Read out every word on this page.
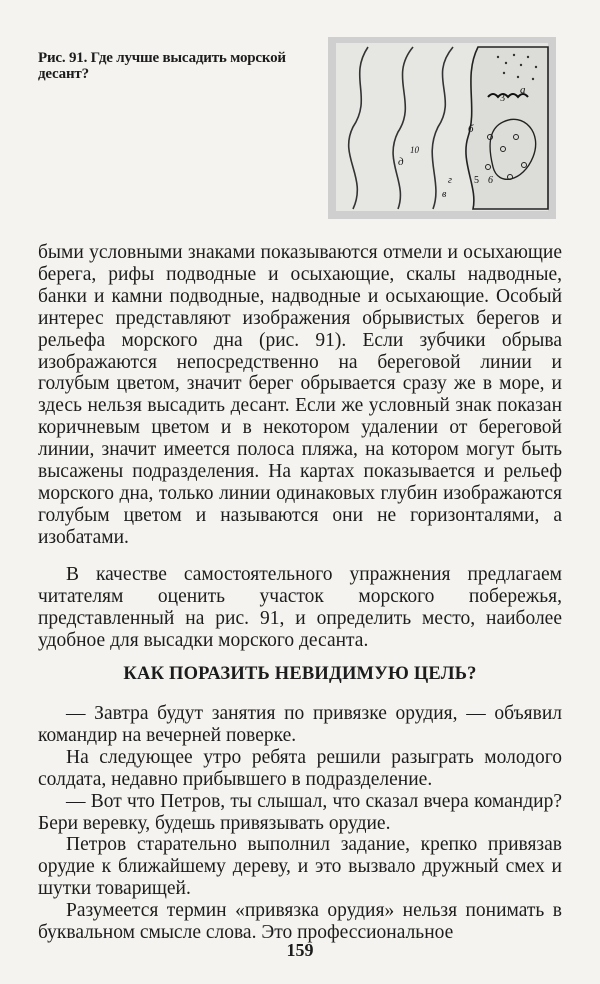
Рис. 91. Где лучше высадить морской десант?
а
3
б
д
10
г
в
5 6

быми условными знаками показываются отмели и осыхающие берега, рифы подводные и осыхающие, скалы надводные, банки и камни подводные, надводные и осыхающие. Особый интерес представляют изображения обрывистых берегов и рельефа морского дна (рис. 91). Если зубчики обрыва изображаются непосредственно на береговой линии и голубым цветом, значит берег обрывается сразу же в море, и здесь нельзя высадить десант. Если же условный знак показан коричневым цветом и в некотором удалении от береговой линии, значит имеется полоса пляжа, на котором могут быть высажены подразделения. На картах показывается и рельеф морского дна, только линии одинаковых глубин изображаются голубым цветом и называются они не горизонталями, а изобатами.

В качестве самостоятельного упражнения предлагаем читателям оценить участок морского побережья, представленный на рис. 91, и определить место, наиболее удобное для высадки морского десанта.

КАК ПОРАЗИТЬ НЕВИДИМУЮ ЦЕЛЬ?

— Завтра будут занятия по привязке орудия, — объявил командир на вечерней поверке.

На следующее утро ребята решили разыграть молодого солдата, недавно прибывшего в подразделение.

— Вот что Петров, ты слышал, что сказал вчера командир? Бери веревку, будешь привязывать орудие.

Петров старательно выполнил задание, крепко привязав орудие к ближайшему дереву, и это вызвало дружный смех и шутки товарищей.

Разумеется термин «привязка орудия» нельзя понимать в буквальном смысле слова. Это профессиональное

159
